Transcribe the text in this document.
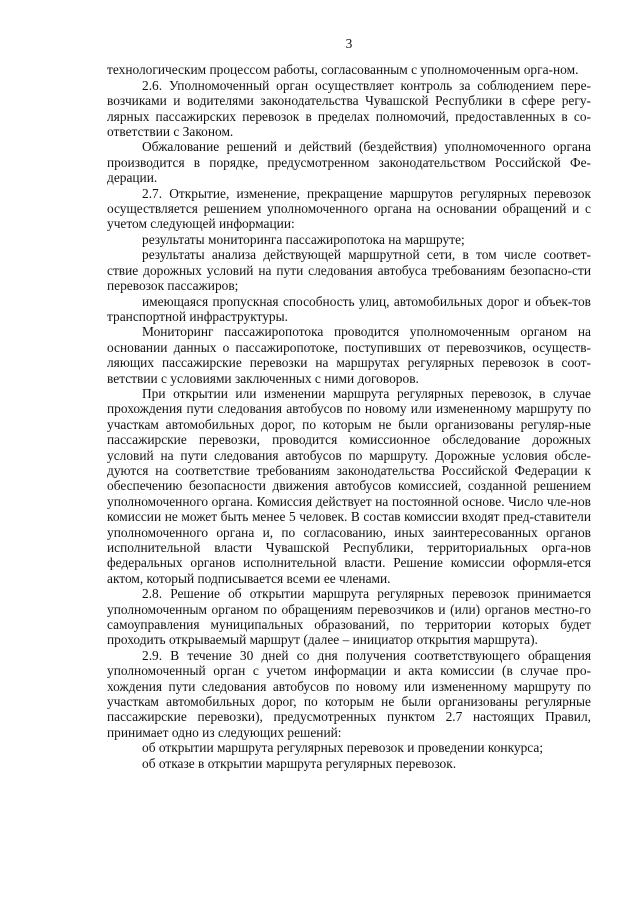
3

технологическим процессом работы, согласованным с уполномоченным орга-ном.

2.6. Уполномоченный орган осуществляет контроль за соблюдением пере-возчиками и водителями законодательства Чувашской Республики в сфере регу-лярных пассажирских перевозок в пределах полномочий, предоставленных в со-ответствии с Законом.

Обжалование решений и действий (бездействия) уполномоченного органа производится в порядке, предусмотренном законодательством Российской Фе-дерации.

2.7. Открытие, изменение, прекращение маршрутов регулярных перевозок осуществляется решением уполномоченного органа на основании обращений и с учетом следующей информации:

результаты мониторинга пассажиропотока на маршруте;

результаты анализа действующей маршрутной сети, в том числе соответ-ствие дорожных условий на пути следования автобуса требованиям безопасно-сти перевозок пассажиров;

имеющаяся пропускная способность улиц, автомобильных дорог и объек-тов транспортной инфраструктуры.

Мониторинг пассажиропотока проводится уполномоченным органом на основании данных о пассажиропотоке, поступивших от перевозчиков, осуществ-ляющих пассажирские перевозки на маршрутах регулярных перевозок в соот-ветствии с условиями заключенных с ними договоров.

При открытии или изменении маршрута регулярных перевозок, в случае прохождения пути следования автобусов по новому или измененному маршруту по участкам автомобильных дорог, по которым не были организованы регуляр-ные пассажирские перевозки, проводится комиссионное обследование дорожных условий на пути следования автобусов по маршруту. Дорожные условия обсле-дуются на соответствие требованиям законодательства Российской Федерации к обеспечению безопасности движения автобусов комиссией, созданной решением уполномоченного органа. Комиссия действует на постоянной основе. Число чле-нов комиссии не может быть менее 5 человек. В состав комиссии входят пред-ставители уполномоченного органа и, по согласованию, иных заинтересованных органов исполнительной власти Чувашской Республики, территориальных орга-нов федеральных органов исполнительной власти. Решение комиссии оформля-ется актом, который подписывается всеми ее членами.

2.8. Решение об открытии маршрута регулярных перевозок принимается уполномоченным органом по обращениям перевозчиков и (или) органов местно-го самоуправления муниципальных образований, по территории которых будет проходить открываемый маршрут (далее – инициатор открытия маршрута).

2.9. В течение 30 дней со дня получения соответствующего обращения уполномоченный орган с учетом информации и акта комиссии (в случае про-хождения пути следования автобусов по новому или измененному маршруту по участкам автомобильных дорог, по которым не были организованы регулярные пассажирские перевозки), предусмотренных пунктом 2.7 настоящих Правил, принимает одно из следующих решений:

об открытии маршрута регулярных перевозок и проведении конкурса;

об отказе в открытии маршрута регулярных перевозок.
